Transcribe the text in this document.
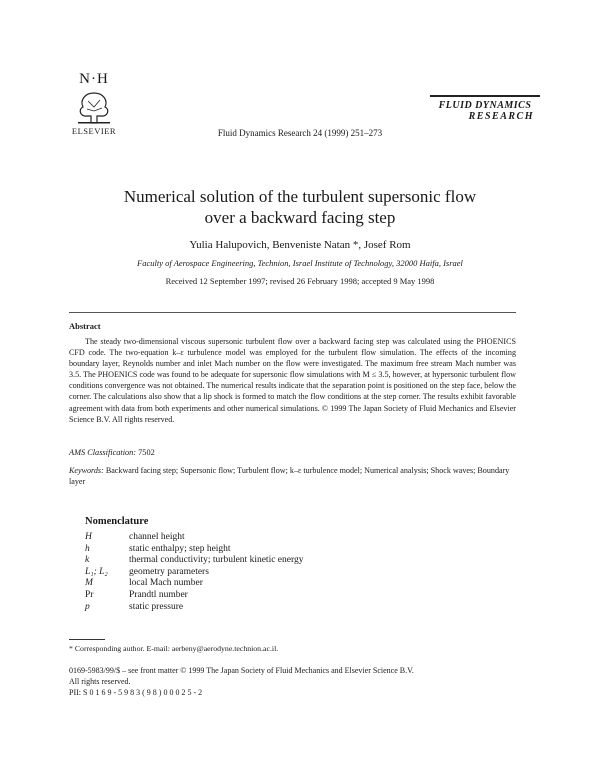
N·H
ELSEVIER
FLUID DYNAMICS
RESEARCH
Fluid Dynamics Research 24 (1999) 251–273
Numerical solution of the turbulent supersonic flow
over a backward facing step
Yulia Halupovich, Benveniste Natan *, Josef Rom
Faculty of Aerospace Engineering, Technion, Israel Institute of Technology, 32000 Haifa, Israel
Received 12 September 1997; revised 26 February 1998; accepted 9 May 1998
Abstract
The steady two-dimensional viscous supersonic turbulent flow over a backward facing step was calculated using the PHOENICS CFD code. The two-equation k–ε turbulence model was employed for the turbulent flow simulation. The effects of the incoming boundary layer, Reynolds number and inlet Mach number on the flow were investigated. The maximum free stream Mach number was 3.5. The PHOENICS code was found to be adequate for supersonic flow simulations with M ≤ 3.5, however, at hypersonic turbulent flow conditions convergence was not obtained. The numerical results indicate that the separation point is positioned on the step face, below the corner. The calculations also show that a lip shock is formed to match the flow conditions at the step corner. The results exhibit favorable agreement with data from both experiments and other numerical simulations. © 1999 The Japan Society of Fluid Mechanics and Elsevier Science B.V. All rights reserved.
AMS Classification: 7502
Keywords: Backward facing step; Supersonic flow; Turbulent flow; k–ε turbulence model; Numerical analysis; Shock waves; Boundary layer
Nomenclature
H	channel height
h	static enthalpy; step height
k	thermal conductivity; turbulent kinetic energy
L₁; L₂	geometry parameters
M	local Mach number
Pr	Prandtl number
p	static pressure
* Corresponding author. E-mail: aerbeny@aerodyne.technion.ac.il.
0169-5983/99/$ – see front matter © 1999 The Japan Society of Fluid Mechanics and Elsevier Science B.V.
All rights reserved.
PII: S 0 1 6 9 - 5 9 8 3 ( 9 8 ) 0 0 0 2 5 - 2
